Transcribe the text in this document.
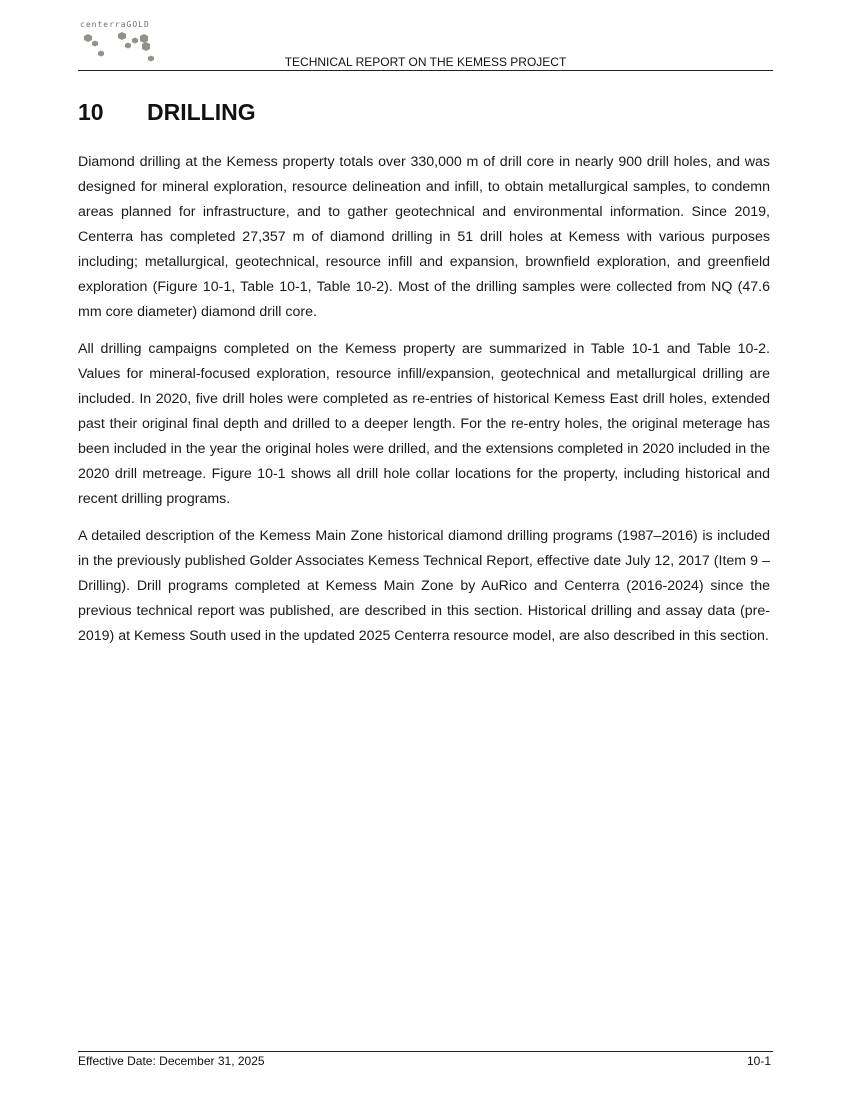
centerraGOLD
TECHNICAL REPORT ON THE KEMESS PROJECT
10 DRILLING

Diamond drilling at the Kemess property totals over 330,000 m of drill core in nearly 900 drill holes, and was designed for mineral exploration, resource delineation and infill, to obtain metallurgical samples, to condemn areas planned for infrastructure, and to gather geotechnical and environmental information. Since 2019, Centerra has completed 27,357 m of diamond drilling in 51 drill holes at Kemess with various purposes including; metallurgical, geotechnical, resource infill and expansion, brownfield exploration, and greenfield exploration (Figure 10-1, Table 10-1, Table 10-2). Most of the drilling samples were collected from NQ (47.6 mm core diameter) diamond drill core.

All drilling campaigns completed on the Kemess property are summarized in Table 10-1 and Table 10-2. Values for mineral-focused exploration, resource infill/expansion, geotechnical and metallurgical drilling are included. In 2020, five drill holes were completed as re-entries of historical Kemess East drill holes, extended past their original final depth and drilled to a deeper length. For the re-entry holes, the original meterage has been included in the year the original holes were drilled, and the extensions completed in 2020 included in the 2020 drill metreage. Figure 10-1 shows all drill hole collar locations for the property, including historical and recent drilling programs.

A detailed description of the Kemess Main Zone historical diamond drilling programs (1987–2016) is included in the previously published Golder Associates Kemess Technical Report, effective date July 12, 2017 (Item 9 – Drilling). Drill programs completed at Kemess Main Zone by AuRico and Centerra (2016-2024) since the previous technical report was published, are described in this section. Historical drilling and assay data (pre-2019) at Kemess South used in the updated 2025 Centerra resource model, are also described in this section.

Effective Date: December 31, 2025	10-1
